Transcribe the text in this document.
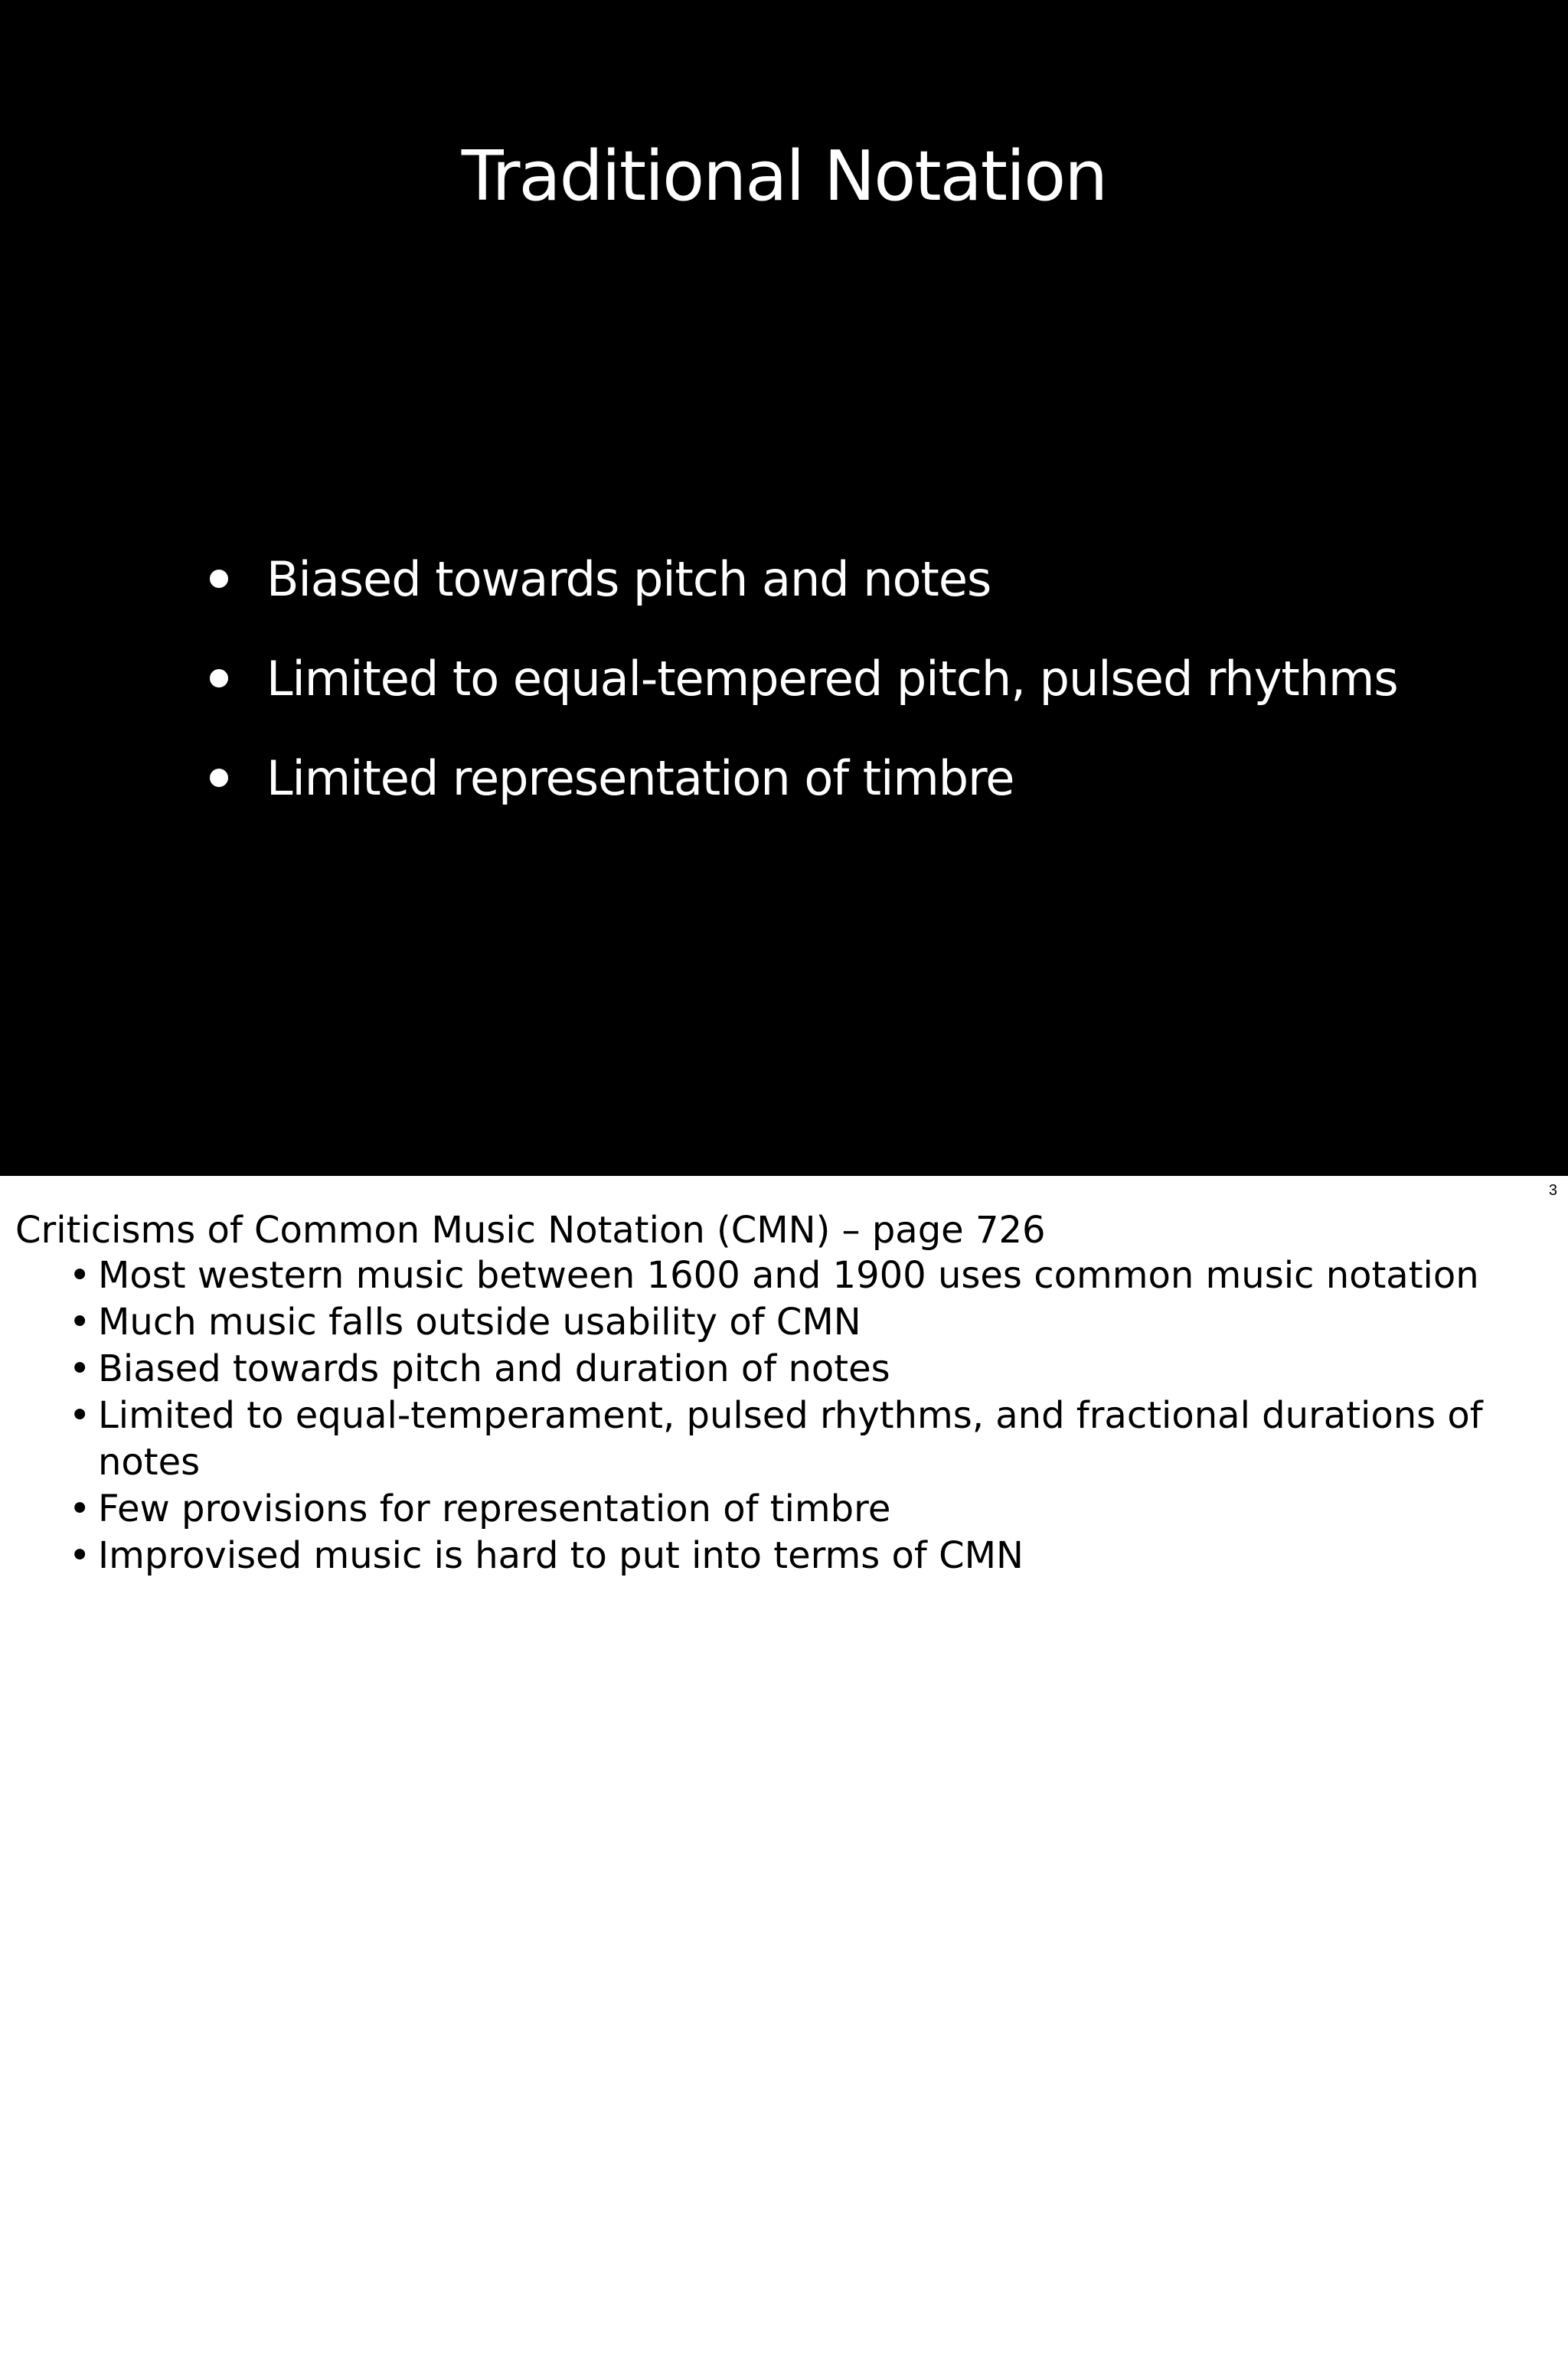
Traditional Notation
Biased towards pitch and notes
Limited to equal-tempered pitch, pulsed rhythms
Limited representation of timbre
3

Criticisms of Common Music Notation (CMN) – page 726

• Most western music between 1600 and 1900 uses common music notation
• Much music falls outside usability of CMN
• Biased towards pitch and duration of notes
• Limited to equal-temperament, pulsed rhythms, and fractional durations of notes
• Few provisions for representation of timbre
• Improvised music is hard to put into terms of CMN
